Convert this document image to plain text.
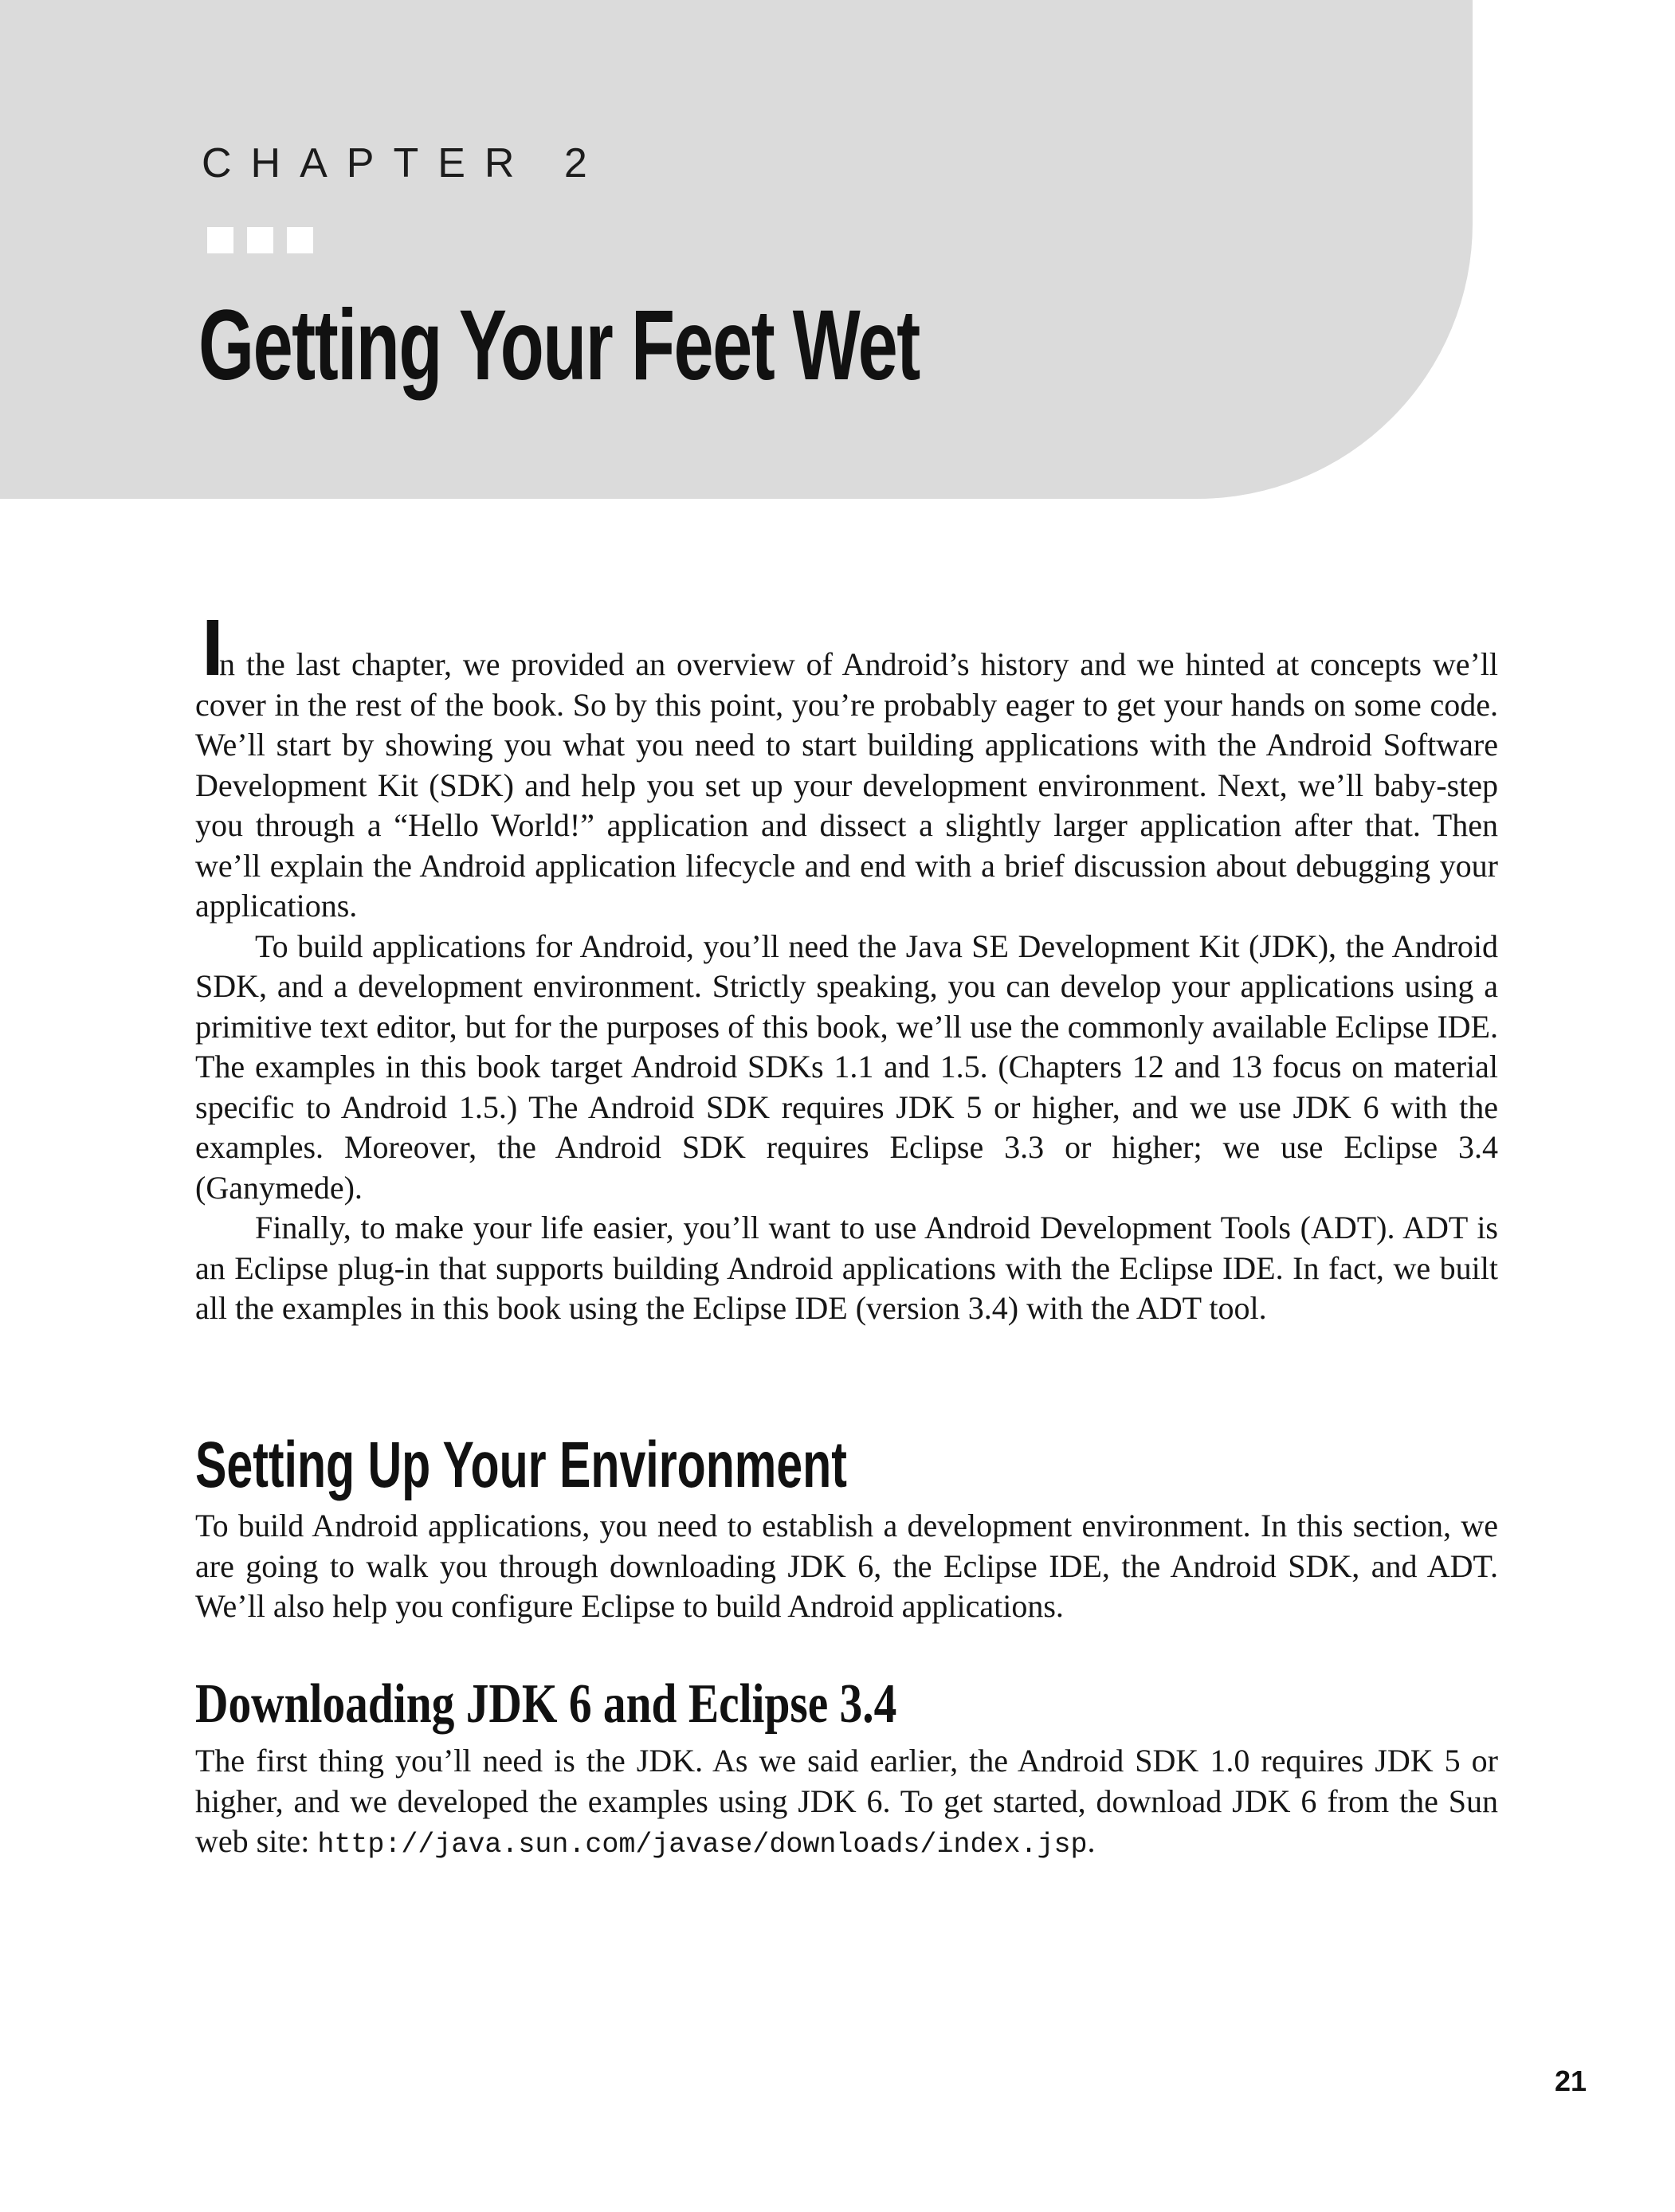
CHAPTER 2
Getting Your Feet Wet
I

n the last chapter, we provided an overview of Android’s history and we hinted at concepts we’ll cover in the rest of the book. So by this point, you’re probably eager to get your hands on some code. We’ll start by showing you what you need to start building applications with the Android Software Development Kit (SDK) and help you set up your development environment. Next, we’ll baby-step you through a “Hello World!” application and dissect a slightly larger application after that. Then we’ll explain the Android application lifecycle and end with a brief discussion about debugging your applications.

To build applications for Android, you’ll need the Java SE Development Kit (JDK), the Android SDK, and a development environment. Strictly speaking, you can develop your applications using a primitive text editor, but for the purposes of this book, we’ll use the commonly available Eclipse IDE. The examples in this book target Android SDKs 1.1 and 1.5. (Chapters 12 and 13 focus on material specific to Android 1.5.) The Android SDK requires JDK 5 or higher, and we use JDK 6 with the examples. Moreover, the Android SDK requires Eclipse 3.3 or higher; we use Eclipse 3.4 (Ganymede).

Finally, to make your life easier, you’ll want to use Android Development Tools (ADT). ADT is an Eclipse plug-in that supports building Android applications with the Eclipse IDE. In fact, we built all the examples in this book using the Eclipse IDE (version 3.4) with the ADT tool.

Setting Up Your Environment

To build Android applications, you need to establish a development environment. In this section, we are going to walk you through downloading JDK 6, the Eclipse IDE, the Android SDK, and ADT. We’ll also help you configure Eclipse to build Android applications.

Downloading JDK 6 and Eclipse 3.4

The first thing you’ll need is the JDK. As we said earlier, the Android SDK 1.0 requires JDK 5 or higher, and we developed the examples using JDK 6. To get started, download JDK 6 from the Sun web site: http://java.sun.com/javase/downloads/index.jsp.

21
